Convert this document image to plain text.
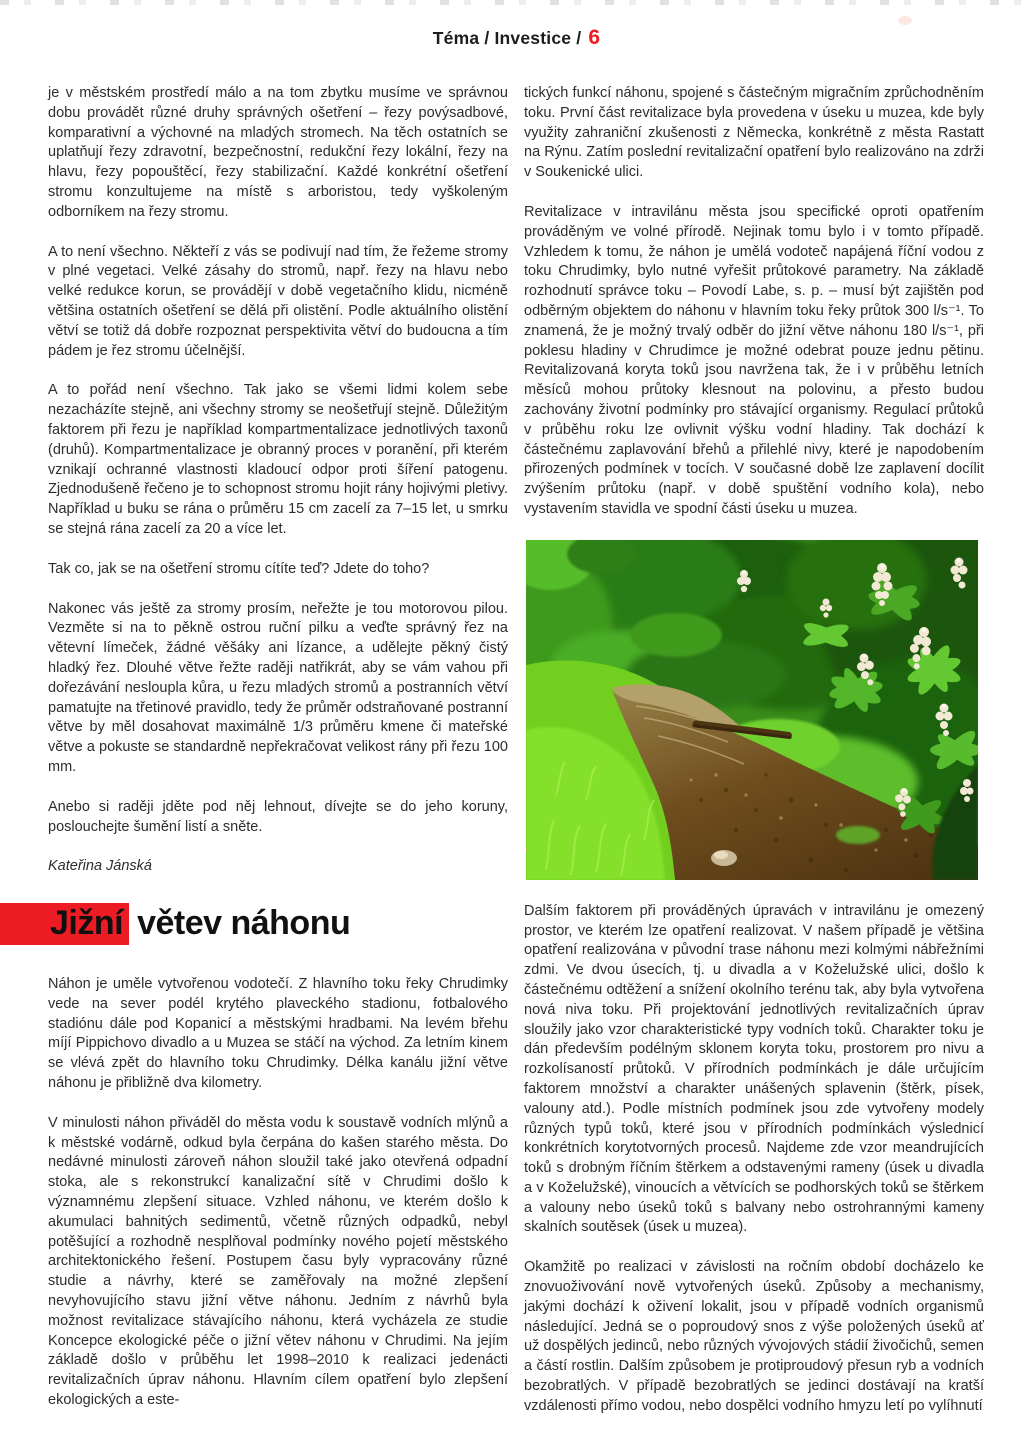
Téma / Investice / 6

je v městském prostředí málo a na tom zbytku musíme ve správnou dobu provádět různé druhy správných ošetření – řezy povýsadbové, komparativní a výchovné na mladých stromech. Na těch ostatních se uplatňují řezy zdravotní, bezpečnostní, redukční řezy lokální, řezy na hlavu, řezy popouštěcí, řezy stabilizační. Každé konkrétní ošetření stromu konzultujeme na místě s arboristou, tedy vyškoleným odborníkem na řezy stromu.

A to není všechno. Někteří z vás se podivují nad tím, že řežeme stromy v plné vegetaci. Velké zásahy do stromů, např. řezy na hlavu nebo velké redukce korun, se provádějí v době vegetačního klidu, nicméně většina ostatních ošetření se dělá při olistění. Podle aktuálního olistění větví se totiž dá dobře rozpoznat perspektivita větví do budoucna a tím pádem je řez stromu účelnější.

A to pořád není všechno. Tak jako se všemi lidmi kolem sebe nezacházíte stejně, ani všechny stromy se neošetřují stejně. Důležitým faktorem při řezu je například kompartmentalizace jednotlivých taxonů (druhů). Kompartmentalizace je obranný proces v poranění, při kterém vznikají ochranné vlastnosti kladoucí odpor proti šíření patogenu. Zjednodušeně řečeno je to schopnost stromu hojit rány hojivými pletivy. Například u buku se rána o průměru 15 cm zacelí za 7–15 let, u smrku se stejná rána zacelí za 20 a více let.

Tak co, jak se na ošetření stromu cítíte teď? Jdete do toho?

Nakonec vás ještě za stromy prosím, neřežte je tou motorovou pilou. Vezměte si na to pěkně ostrou ruční pilku a veďte správný řez na větevní límeček, žádné věšáky ani lízance, a udělejte pěkný čistý hladký řez. Dlouhé větve řežte raději natřikrát, aby se vám vahou při dořezávání nesloupla kůra, u řezu mladých stromů a postranních větví pamatujte na třetinové pravidlo, tedy že průměr odstraňované postranní větve by měl dosahovat maximálně 1/3 průměru kmene či mateřské větve a pokuste se standardně nepřekračovat velikost rány při řezu 100 mm.

Anebo si raději jděte pod něj lehnout, dívejte se do jeho koruny, poslouchejte šumění listí a sněte.

Kateřina Jánská

Jižní větev náhonu

Náhon je uměle vytvořenou vodotečí. Z hlavního toku řeky Chrudimky vede na sever podél krytého plaveckého stadionu, fotbalového stadiónu dále pod Kopanicí a městskými hradbami. Na levém břehu míjí Pippichovo divadlo a u Muzea se stáčí na východ. Za letním kinem se vlévá zpět do hlavního toku Chrudimky. Délka kanálu jižní větve náhonu je přibližně dva kilometry.

V minulosti náhon přiváděl do města vodu k soustavě vodních mlýnů a k městské vodárně, odkud byla čerpána do kašen starého města. Do nedávné minulosti zároveň náhon sloužil také jako otevřená odpadní stoka, ale s rekonstrukcí kanalizační sítě v Chrudimi došlo k významnému zlepšení situace. Vzhled náhonu, ve kterém došlo k akumulaci bahnitých sedimentů, včetně různých odpadků, nebyl potěšující a rozhodně nesplňoval podmínky nového pojetí městského architektonického řešení. Postupem času byly vypracovány různé studie a návrhy, které se zaměřovaly na možné zlepšení nevyhovujícího stavu jižní větve náhonu. Jedním z návrhů byla možnost revitalizace stávajícího náhonu, která vycházela ze studie Koncepce ekologické péče o jižní větev náhonu v Chrudimi. Na jejím základě došlo v průběhu let 1998–2010 k realizaci jedenácti revitalizačních úprav náhonu. Hlavním cílem opatření bylo zlepšení ekologických a este-

tických funkcí náhonu, spojené s částečným migračním zprůchodněním toku. První část revitalizace byla provedena v úseku u muzea, kde byly využity zahraniční zkušenosti z Německa, konkrétně z města Rastatt na Rýnu. Zatím poslední revitalizační opatření bylo realizováno na zdrži v Soukenické ulici.

Revitalizace v intravilánu města jsou specifické oproti opatřením prováděným ve volné přírodě. Nejinak tomu bylo i v tomto případě. Vzhledem k tomu, že náhon je umělá vodoteč napájená říční vodou z toku Chrudimky, bylo nutné vyřešit průtokové parametry. Na základě rozhodnutí správce toku – Povodí Labe, s. p. – musí být zajištěn pod odběrným objektem do náhonu v hlavním toku řeky průtok 300 l/s⁻¹. To znamená, že je možný trvalý odběr do jižní větve náhonu 180 l/s⁻¹, při poklesu hladiny v Chrudimce je možné odebrat pouze jednu pětinu. Revitalizovaná koryta toků jsou navržena tak, že i v průběhu letních měsíců mohou průtoky klesnout na polovinu, a přesto budou zachovány životní podmínky pro stávající organismy. Regulací průtoků v průběhu roku lze ovlivnit výšku vodní hladiny. Tak dochází k částečnému zaplavování břehů a přilehlé nivy, které je napodobením přirozených podmínek v tocích. V současné době lze zaplavení docílit zvýšením průtoku (např. v době spuštění vodního kola), nebo vystavením stavidla ve spodní části úseku u muzea.

Dalším faktorem při prováděných úpravách v intravilánu je omezený prostor, ve kterém lze opatření realizovat. V našem případě je většina opatření realizována v původní trase náhonu mezi kolmými nábřežními zdmi. Ve dvou úsecích, tj. u divadla a v Koželužské ulici, došlo k částečnému odtěžení a snížení okolního terénu tak, aby byla vytvořena nová niva toku. Při projektování jednotlivých revitalizačních úprav sloužily jako vzor charakteristické typy vodních toků. Charakter toku je dán především podélným sklonem koryta toku, prostorem pro nivu a rozkolísaností průtoků. V přírodních podmínkách je dále určujícím faktorem množství a charakter unášených splavenin (štěrk, písek, valouny atd.). Podle místních podmínek jsou zde vytvořeny modely různých typů toků, které jsou v přírodních podmínkách výslednicí konkrétních korytotvorných procesů. Najdeme zde vzor meandrujících toků s drobným říčním štěrkem a odstavenými rameny (úsek u divadla a v Koželužské), vinoucích a větvících se podhorských toků se štěrkem a valouny nebo úseků toků s balvany nebo ostrohrannými kameny skalních soutěsek (úsek u muzea).

Okamžitě po realizaci v závislosti na ročním období docházelo ke znovuoživování nově vytvořených úseků. Způsoby a mechanismy, jakými dochází k oživení lokalit, jsou v případě vodních organismů následující. Jedná se o poproudový snos z výše položených úseků ať už dospělých jedinců, nebo různých vývojových stádií živočichů, semen a částí rostlin. Dalším způsobem je protiproudový přesun ryb a vodních bezobratlých. V případě bezobratlých se jedinci dostávají na kratší vzdálenosti přímo vodou, nebo dospělci vodního hmyzu letí po vylíhnutí
